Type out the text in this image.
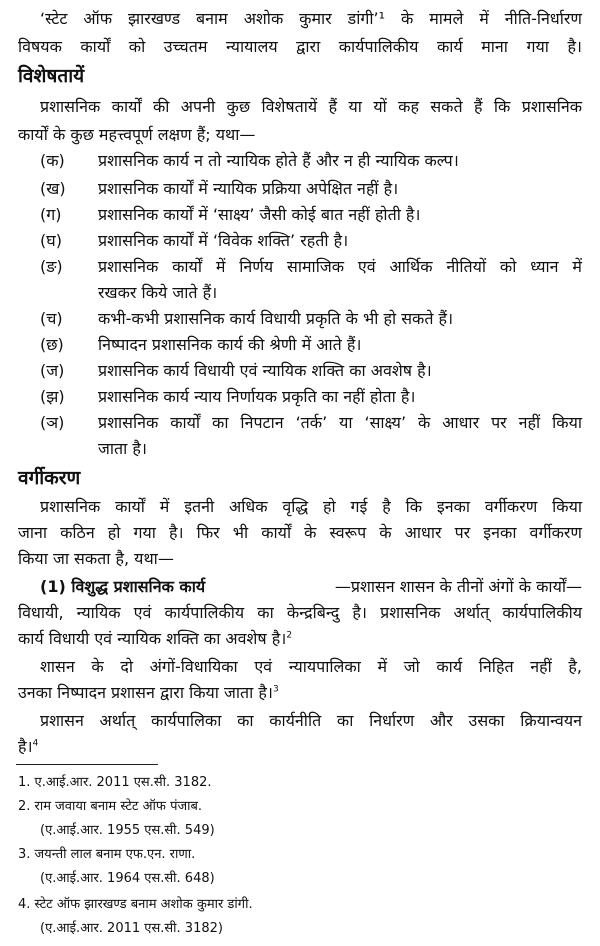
‘स्टेट ऑफ झारखण्ड बनाम अशोक कुमार डांगी’¹ के मामले में नीति-निर्धारण
विषयक कार्यों को उच्चतम न्यायालय द्वारा कार्यपालिकीय कार्य माना गया है।
विशेषतायें
प्रशासनिक कार्यों की अपनी कुछ विशेषतायें हैं या यों कह सकते हैं कि प्रशासनिक
कार्यों के कुछ महत्त्वपूर्ण लक्षण हैं; यथा—
(क) प्रशासनिक कार्य न तो न्यायिक होते हैं और न ही न्यायिक कल्प।
(ख) प्रशासनिक कार्यों में न्यायिक प्रक्रिया अपेक्षित नहीं है।
(ग) प्रशासनिक कार्यों में ‘साक्ष्य’ जैसी कोई बात नहीं होती है।
(घ) प्रशासनिक कार्यों में ‘विवेक शक्ति’ रहती है।
(ङ) प्रशासनिक कार्यों में निर्णय सामाजिक एवं आर्थिक नीतियों को ध्यान में
रखकर किये जाते हैं।
(च) कभी-कभी प्रशासनिक कार्य विधायी प्रकृति के भी हो सकते हैं।
(छ) निष्पादन प्रशासनिक कार्य की श्रेणी में आते हैं।
(ज) प्रशासनिक कार्य विधायी एवं न्यायिक शक्ति का अवशेष है।
(झ) प्रशासनिक कार्य न्याय निर्णायक प्रकृति का नहीं होता है।
(ञ) प्रशासनिक कार्यों का निपटान ‘तर्क’ या ‘साक्ष्य’ के आधार पर नहीं किया
जाता है।
वर्गीकरण
प्रशासनिक कार्यों में इतनी अधिक वृद्धि हो गई है कि इनका वर्गीकरण किया
जाना कठिन हो गया है। फिर भी कार्यों के स्वरूप के आधार पर इनका वर्गीकरण
किया जा सकता है, यथा—
(1) विशुद्ध प्रशासनिक कार्य	—प्रशासन शासन के तीनों अंगों के कार्यों—
विधायी, न्यायिक एवं कार्यपालिकीय का केन्द्रबिन्दु है। प्रशासनिक अर्थात् कार्यपालिकीय
कार्य विधायी एवं न्यायिक शक्ति का अवशेष है।$^2$
शासन के दो अंगों-विधायिका एवं न्यायपालिका में जो कार्य निहित नहीं है,
उनका निष्पादन प्रशासन द्वारा किया जाता है।$^3$
प्रशासन अर्थात् कार्यपालिका का कार्यनीति का निर्धारण और उसका क्रियान्वयन
है।$^4$
1. ए.आई.आर. 2011 एस.सी. 3182.
2. राम जवाया बनाम स्टेट ऑफ पंजाब.
(ए.आई.आर. 1955 एस.सी. 549)
3. जयन्ती लाल बनाम एफ.एन. राणा.
(ए.आई.आर. 1964 एस.सी. 648)
4. स्टेट ऑफ झारखण्ड बनाम अशोक कुमार डांगी.
(ए.आई.आर. 2011 एस.सी. 3182)
